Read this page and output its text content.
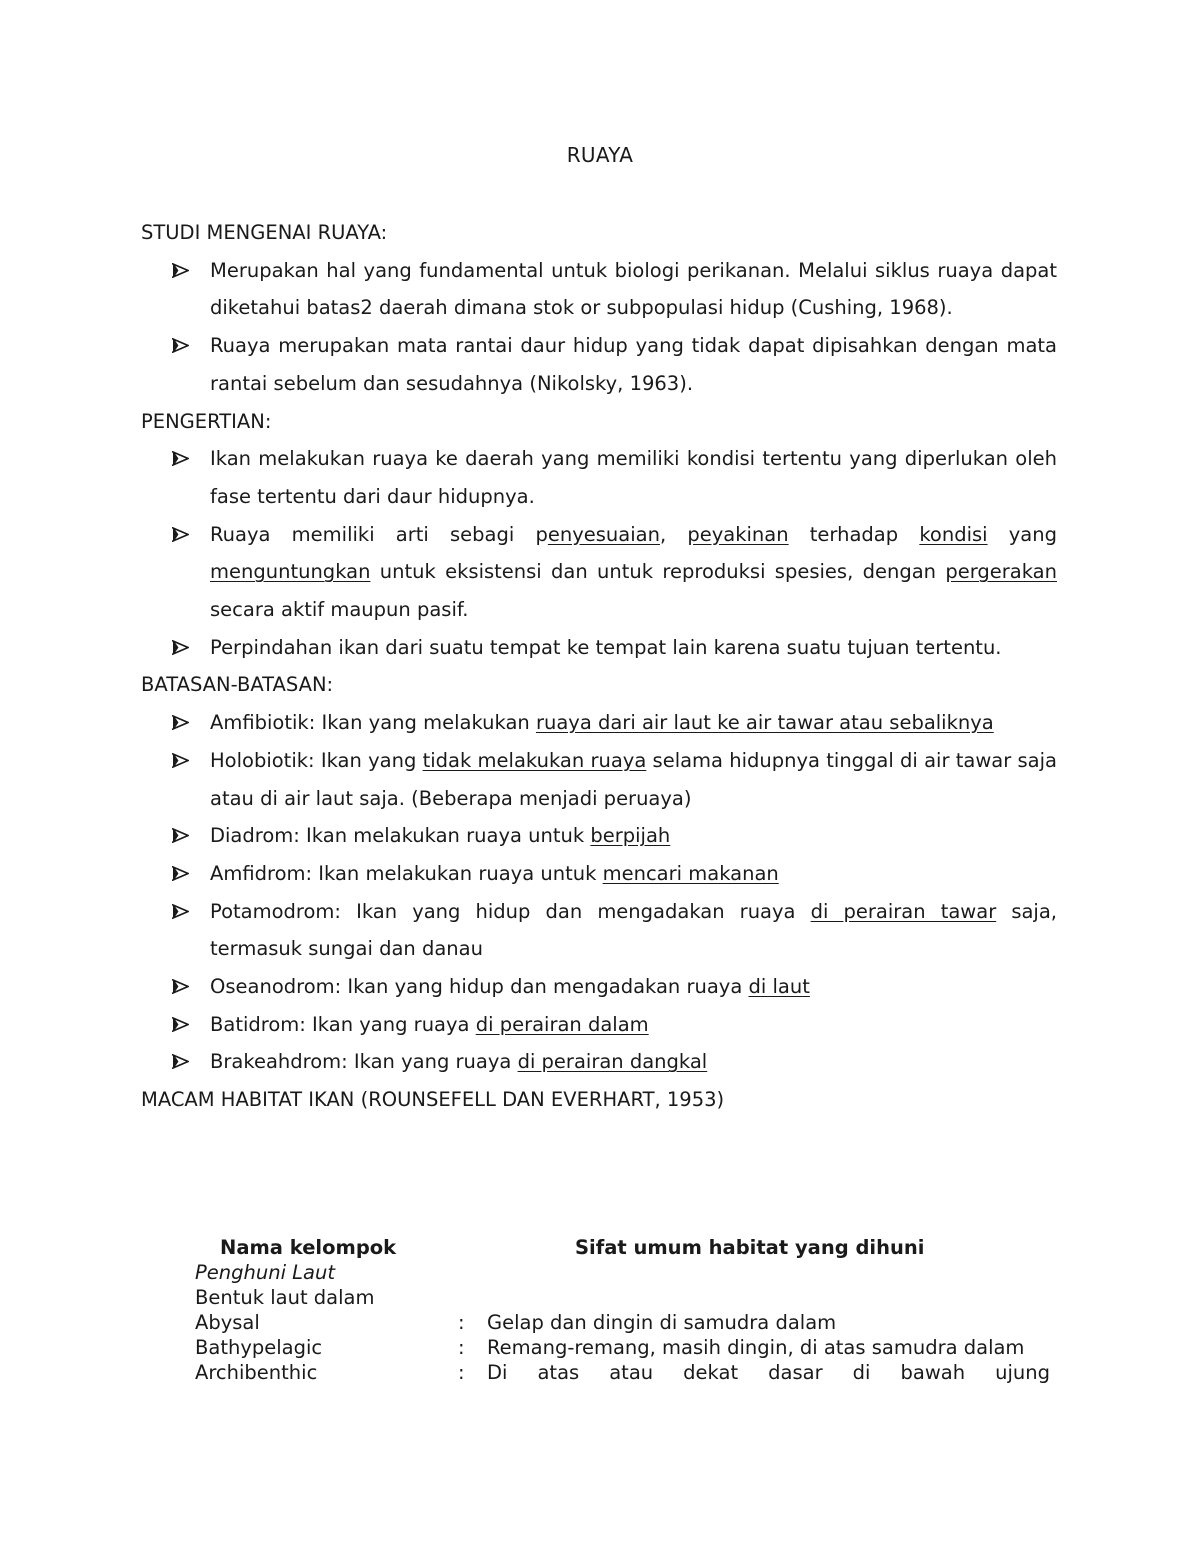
RUAYA
STUDI MENGENAI RUAYA:
Merupakan hal yang fundamental untuk biologi perikanan. Melalui siklus ruaya dapat diketahui batas2 daerah dimana stok or subpopulasi hidup (Cushing, 1968).
Ruaya merupakan mata rantai daur hidup yang tidak dapat dipisahkan dengan mata rantai sebelum dan sesudahnya (Nikolsky, 1963).
PENGERTIAN:
Ikan melakukan ruaya ke daerah yang memiliki kondisi tertentu yang diperlukan oleh fase tertentu dari daur hidupnya.
Ruaya memiliki arti sebagi penyesuaian, peyakinan terhadap kondisi yang menguntungkan untuk eksistensi dan untuk reproduksi spesies, dengan pergerakan secara aktif maupun pasif.
Perpindahan ikan dari suatu tempat ke tempat lain karena suatu tujuan tertentu.
BATASAN-BATASAN:
Amfibiotik: Ikan yang melakukan ruaya dari air laut ke air tawar atau sebaliknya
Holobiotik: Ikan yang tidak melakukan ruaya selama hidupnya tinggal di air tawar saja atau di air laut saja. (Beberapa menjadi peruaya)
Diadrom: Ikan melakukan ruaya untuk berpijah
Amfidrom: Ikan melakukan ruaya untuk mencari makanan
Potamodrom: Ikan yang hidup dan mengadakan ruaya di perairan tawar saja, termasuk sungai dan danau
Oseanodrom: Ikan yang hidup dan mengadakan ruaya di laut
Batidrom: Ikan yang ruaya di perairan dalam
Brakeahdrom: Ikan yang ruaya di perairan dangkal
MACAM HABITAT IKAN (ROUNSEFELL DAN EVERHART, 1953)
Nama kelompok	Sifat umum habitat yang dihuni
Penghuni Laut
Bentuk laut dalam
Abysal	: Gelap dan dingin di samudra dalam
Bathypelagic	: Remang-remang, masih dingin, di atas samudra dalam
Archibenthic	: Di atas atau dekat dasar di bawah ujung
